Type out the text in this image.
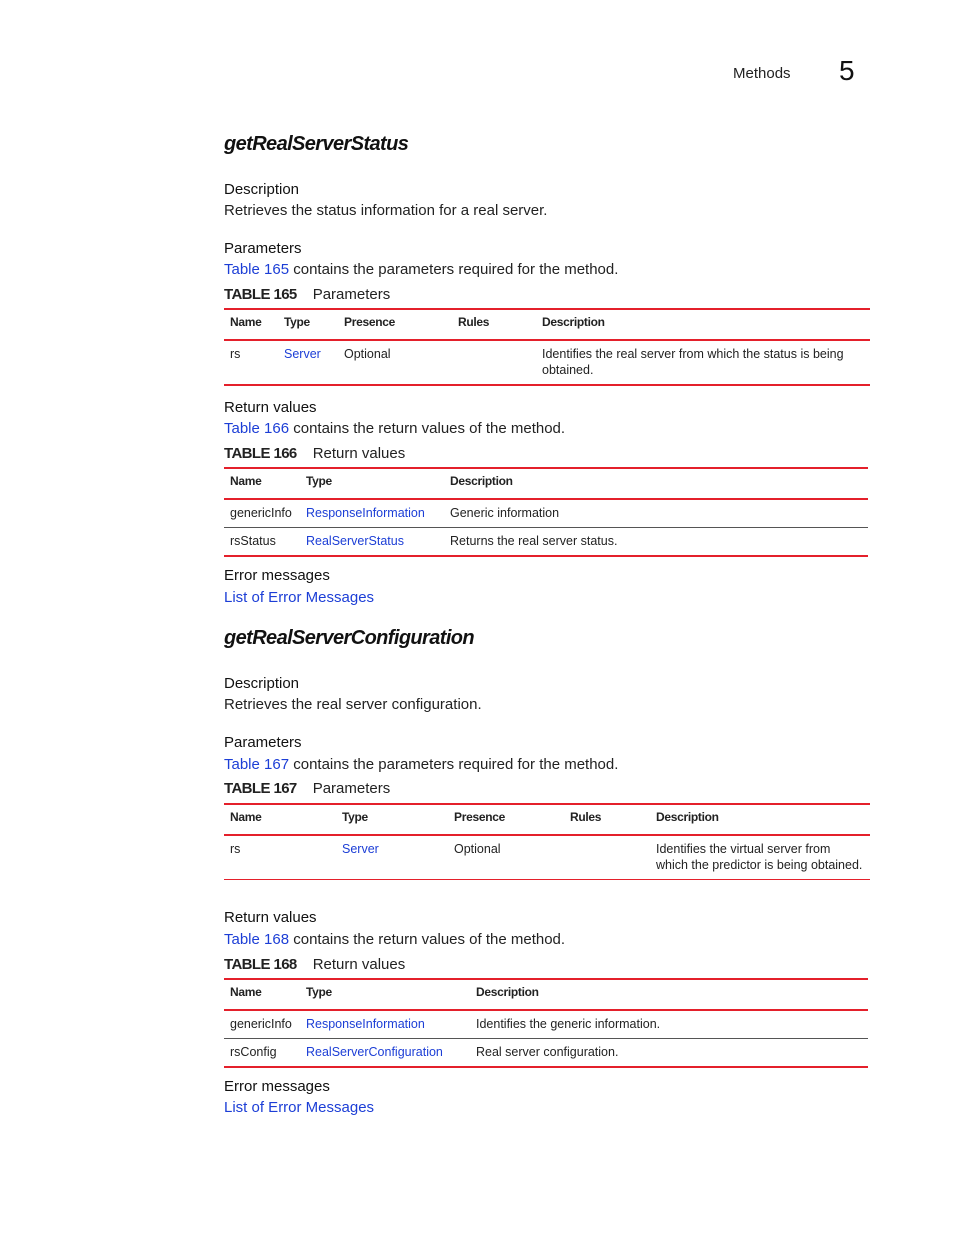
Methods 5
getRealServerStatus
Description
Retrieves the status information for a real server.
Parameters
Table 165 contains the parameters required for the method.
TABLE 165 Parameters
Name	Type	Presence	Rules	Description
rs	Server	Optional		Identifies the real server from which the status is being obtained.
Return values
Table 166 contains the return values of the method.
TABLE 166 Return values
Name	Type	Description
genericInfo	ResponseInformation	Generic information
rsStatus	RealServerStatus	Returns the real server status.
Error messages
List of Error Messages
getRealServerConfiguration
Description
Retrieves the real server configuration.
Parameters
Table 167 contains the parameters required for the method.
TABLE 167 Parameters
Name	Type	Presence	Rules	Description
rs	Server	Optional		Identifies the virtual server from which the predictor is being obtained.
Return values
Table 168 contains the return values of the method.
TABLE 168 Return values
Name	Type	Description
genericInfo	ResponseInformation	Identifies the generic information.
rsConfig	RealServerConfiguration	Real server configuration.
Error messages
List of Error Messages
